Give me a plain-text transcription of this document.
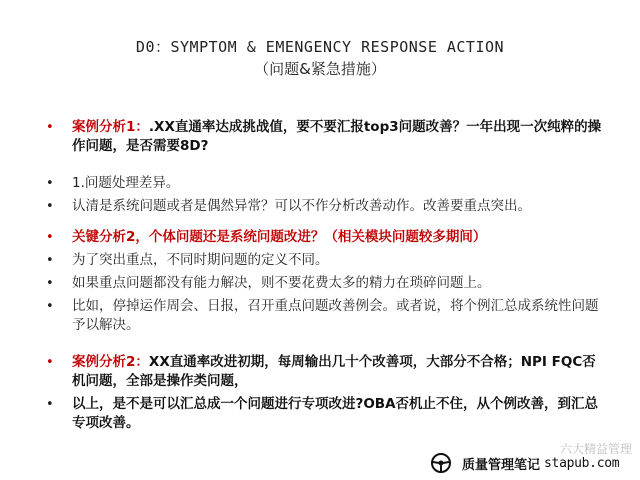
D0：SYMPTOM & EMENGENCY RESPONSE ACTION
（问题&紧急措施）
• 案例分析1：.XX直通率达成挑战值，要不要汇报top3问题改善？一年出现一次纯粹的操作问题，是否需要8D?
• 1.问题处理差异。
• 认清是系统问题或者是偶然异常？可以不作分析改善动作。改善要重点突出。
• 关键分析2，个体问题还是系统问题改进？（相关模块问题较多期间）
• 为了突出重点，不同时期问题的定义不同。
• 如果重点问题都没有能力解决，则不要花费太多的精力在琐碎问题上。
• 比如，停掉运作周会、日报，召开重点问题改善例会。或者说，将个例汇总成系统性问题予以解决。
• 案例分析2：XX直通率改进初期，每周输出几十个改善项，大部分不合格；NPI FQC否机问题，全部是操作类问题，
• 以上，是不是可以汇总成一个问题进行专项改进?OBA否机止不住，从个例改善，到汇总专项改善。
六大精益管理
质量管理笔记 stapub.com
